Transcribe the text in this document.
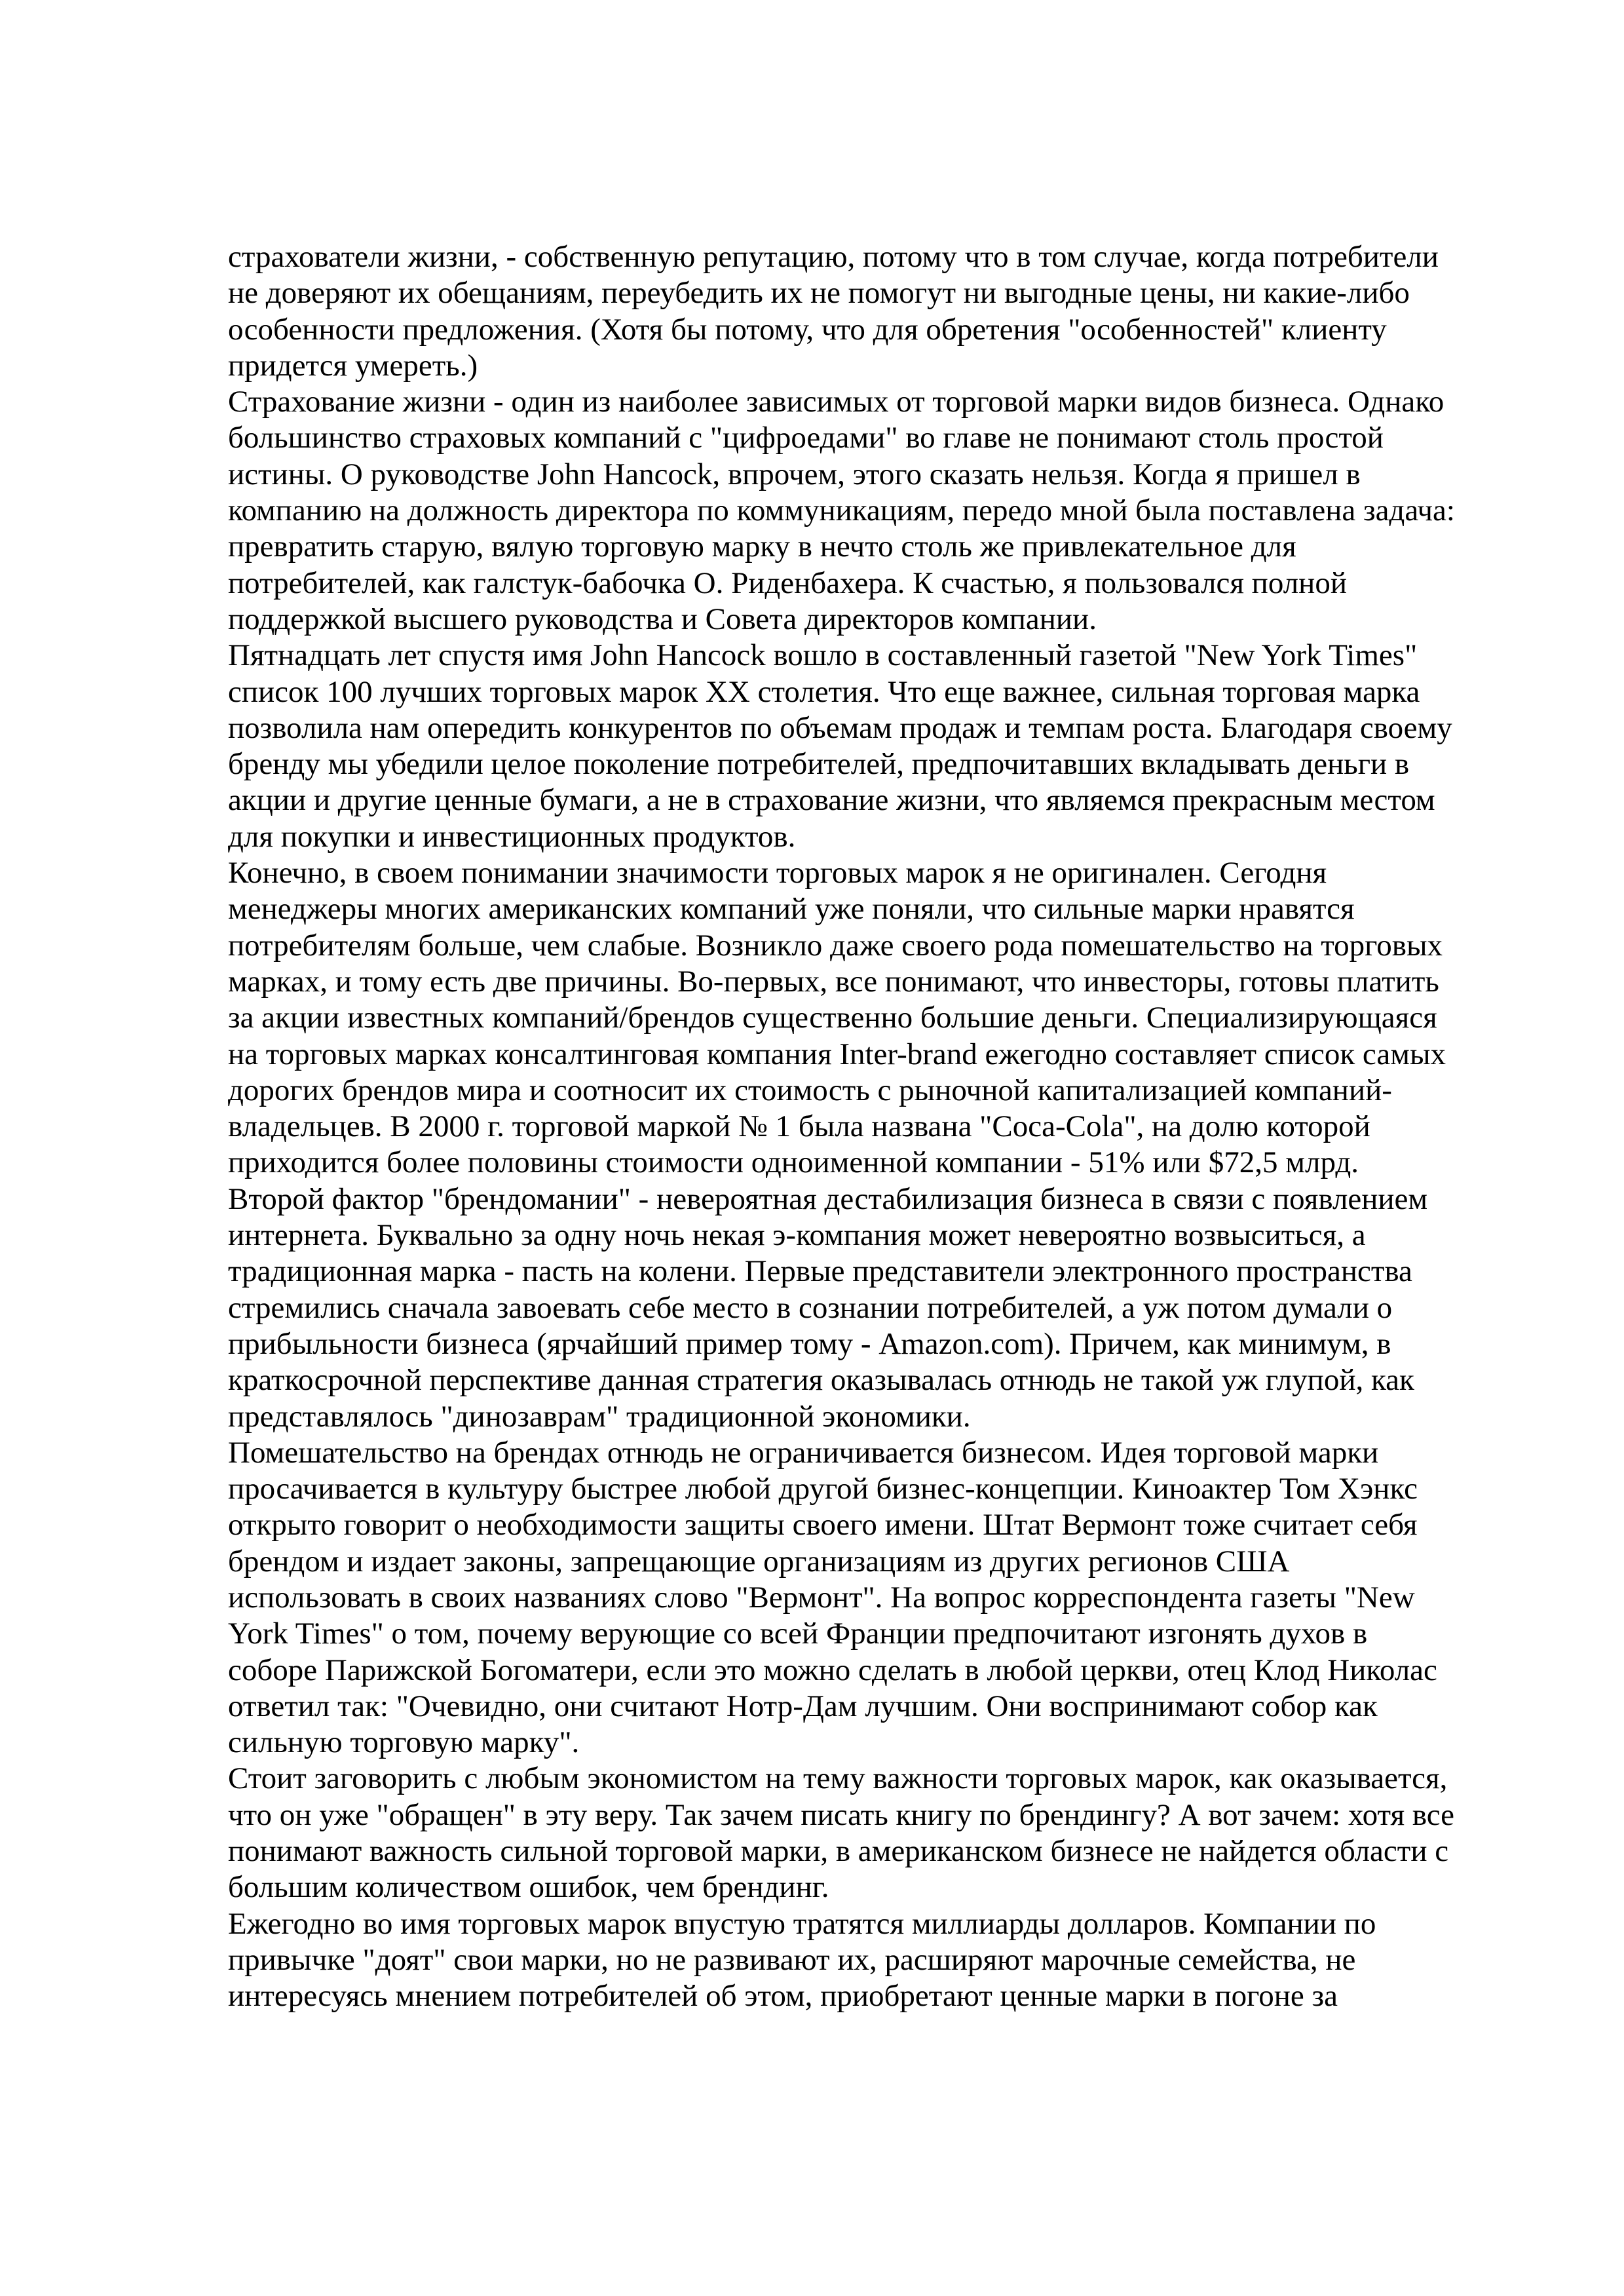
страхователи жизни, - собственную репутацию, потому что в том случае, когда потребители
не доверяют их обещаниям, переубедить их не помогут ни выгодные цены, ни какие-либо
особенности предложения. (Хотя бы потому, что для обретения "особенностей" клиенту
придется умереть.)
Страхование жизни - один из наиболее зависимых от торговой марки видов бизнеса. Однако
большинство страховых компаний с "цифроедами" во главе не понимают столь простой
истины. О руководстве John Hancock, впрочем, этого сказать нельзя. Когда я пришел в
компанию на должность директора по коммуникациям, передо мной была поставлена задача:
превратить старую, вялую торговую марку в нечто столь же привлекательное для
потребителей, как галстук-бабочка О. Риденбахера. К счастью, я пользовался полной
поддержкой высшего руководства и Совета директоров компании.
Пятнадцать лет спустя имя John Hancock вошло в составленный газетой "New York Times"
список 100 лучших торговых марок XX столетия. Что еще важнее, сильная торговая марка
позволила нам опередить конкурентов по объемам продаж и темпам роста. Благодаря своему
бренду мы убедили целое поколение потребителей, предпочитавших вкладывать деньги в
акции и другие ценные бумаги, а не в страхование жизни, что являемся прекрасным местом
для покупки и инвестиционных продуктов.
Конечно, в своем понимании значимости торговых марок я не оригинален. Сегодня
менеджеры многих американских компаний уже поняли, что сильные марки нравятся
потребителям больше, чем слабые. Возникло даже своего рода помешательство на торговых
марках, и тому есть две причины. Во-первых, все понимают, что инвесторы, готовы платить
за акции известных компаний/брендов существенно большие деньги. Специализирующаяся
на торговых марках консалтинговая компания Inter-brand ежегодно составляет список самых
дорогих брендов мира и соотносит их стоимость с рыночной капитализацией компаний-
владельцев. В 2000 г. торговой маркой № 1 была названа "Coca-Cola", на долю которой
приходится более половины стоимости одноименной компании - 51% или $72,5 млрд.
Второй фактор "брендомании" - невероятная дестабилизация бизнеса в связи с появлением
интернета. Буквально за одну ночь некая э-компания может невероятно возвыситься, а
традиционная марка - пасть на колени. Первые представители электронного пространства
стремились сначала завоевать себе место в сознании потребителей, а уж потом думали о
прибыльности бизнеса (ярчайший пример тому - Amazon.com). Причем, как минимум, в
краткосрочной перспективе данная стратегия оказывалась отнюдь не такой уж глупой, как
представлялось "динозаврам" традиционной экономики.
Помешательство на брендах отнюдь не ограничивается бизнесом. Идея торговой марки
просачивается в культуру быстрее любой другой бизнес-концепции. Киноактер Том Хэнкс
открыто говорит о необходимости защиты своего имени. Штат Вермонт тоже считает себя
брендом и издает законы, запрещающие организациям из других регионов США
использовать в своих названиях слово "Вермонт". На вопрос корреспондента газеты "New
York Times" о том, почему верующие со всей Франции предпочитают изгонять духов в
соборе Парижской Богоматери, если это можно сделать в любой церкви, отец Клод Николас
ответил так: "Очевидно, они считают Нотр-Дам лучшим. Они воспринимают собор как
сильную торговую марку".
Стоит заговорить с любым экономистом на тему важности торговых марок, как оказывается,
что он уже "обращен" в эту веру. Так зачем писать книгу по брендингу? А вот зачем: хотя все
понимают важность сильной торговой марки, в американском бизнесе не найдется области с
большим количеством ошибок, чем брендинг.
Ежегодно во имя торговых марок впустую тратятся миллиарды долларов. Компании по
привычке "доят" свои марки, но не развивают их, расширяют марочные семейства, не
интересуясь мнением потребителей об этом, приобретают ценные марки в погоне за
